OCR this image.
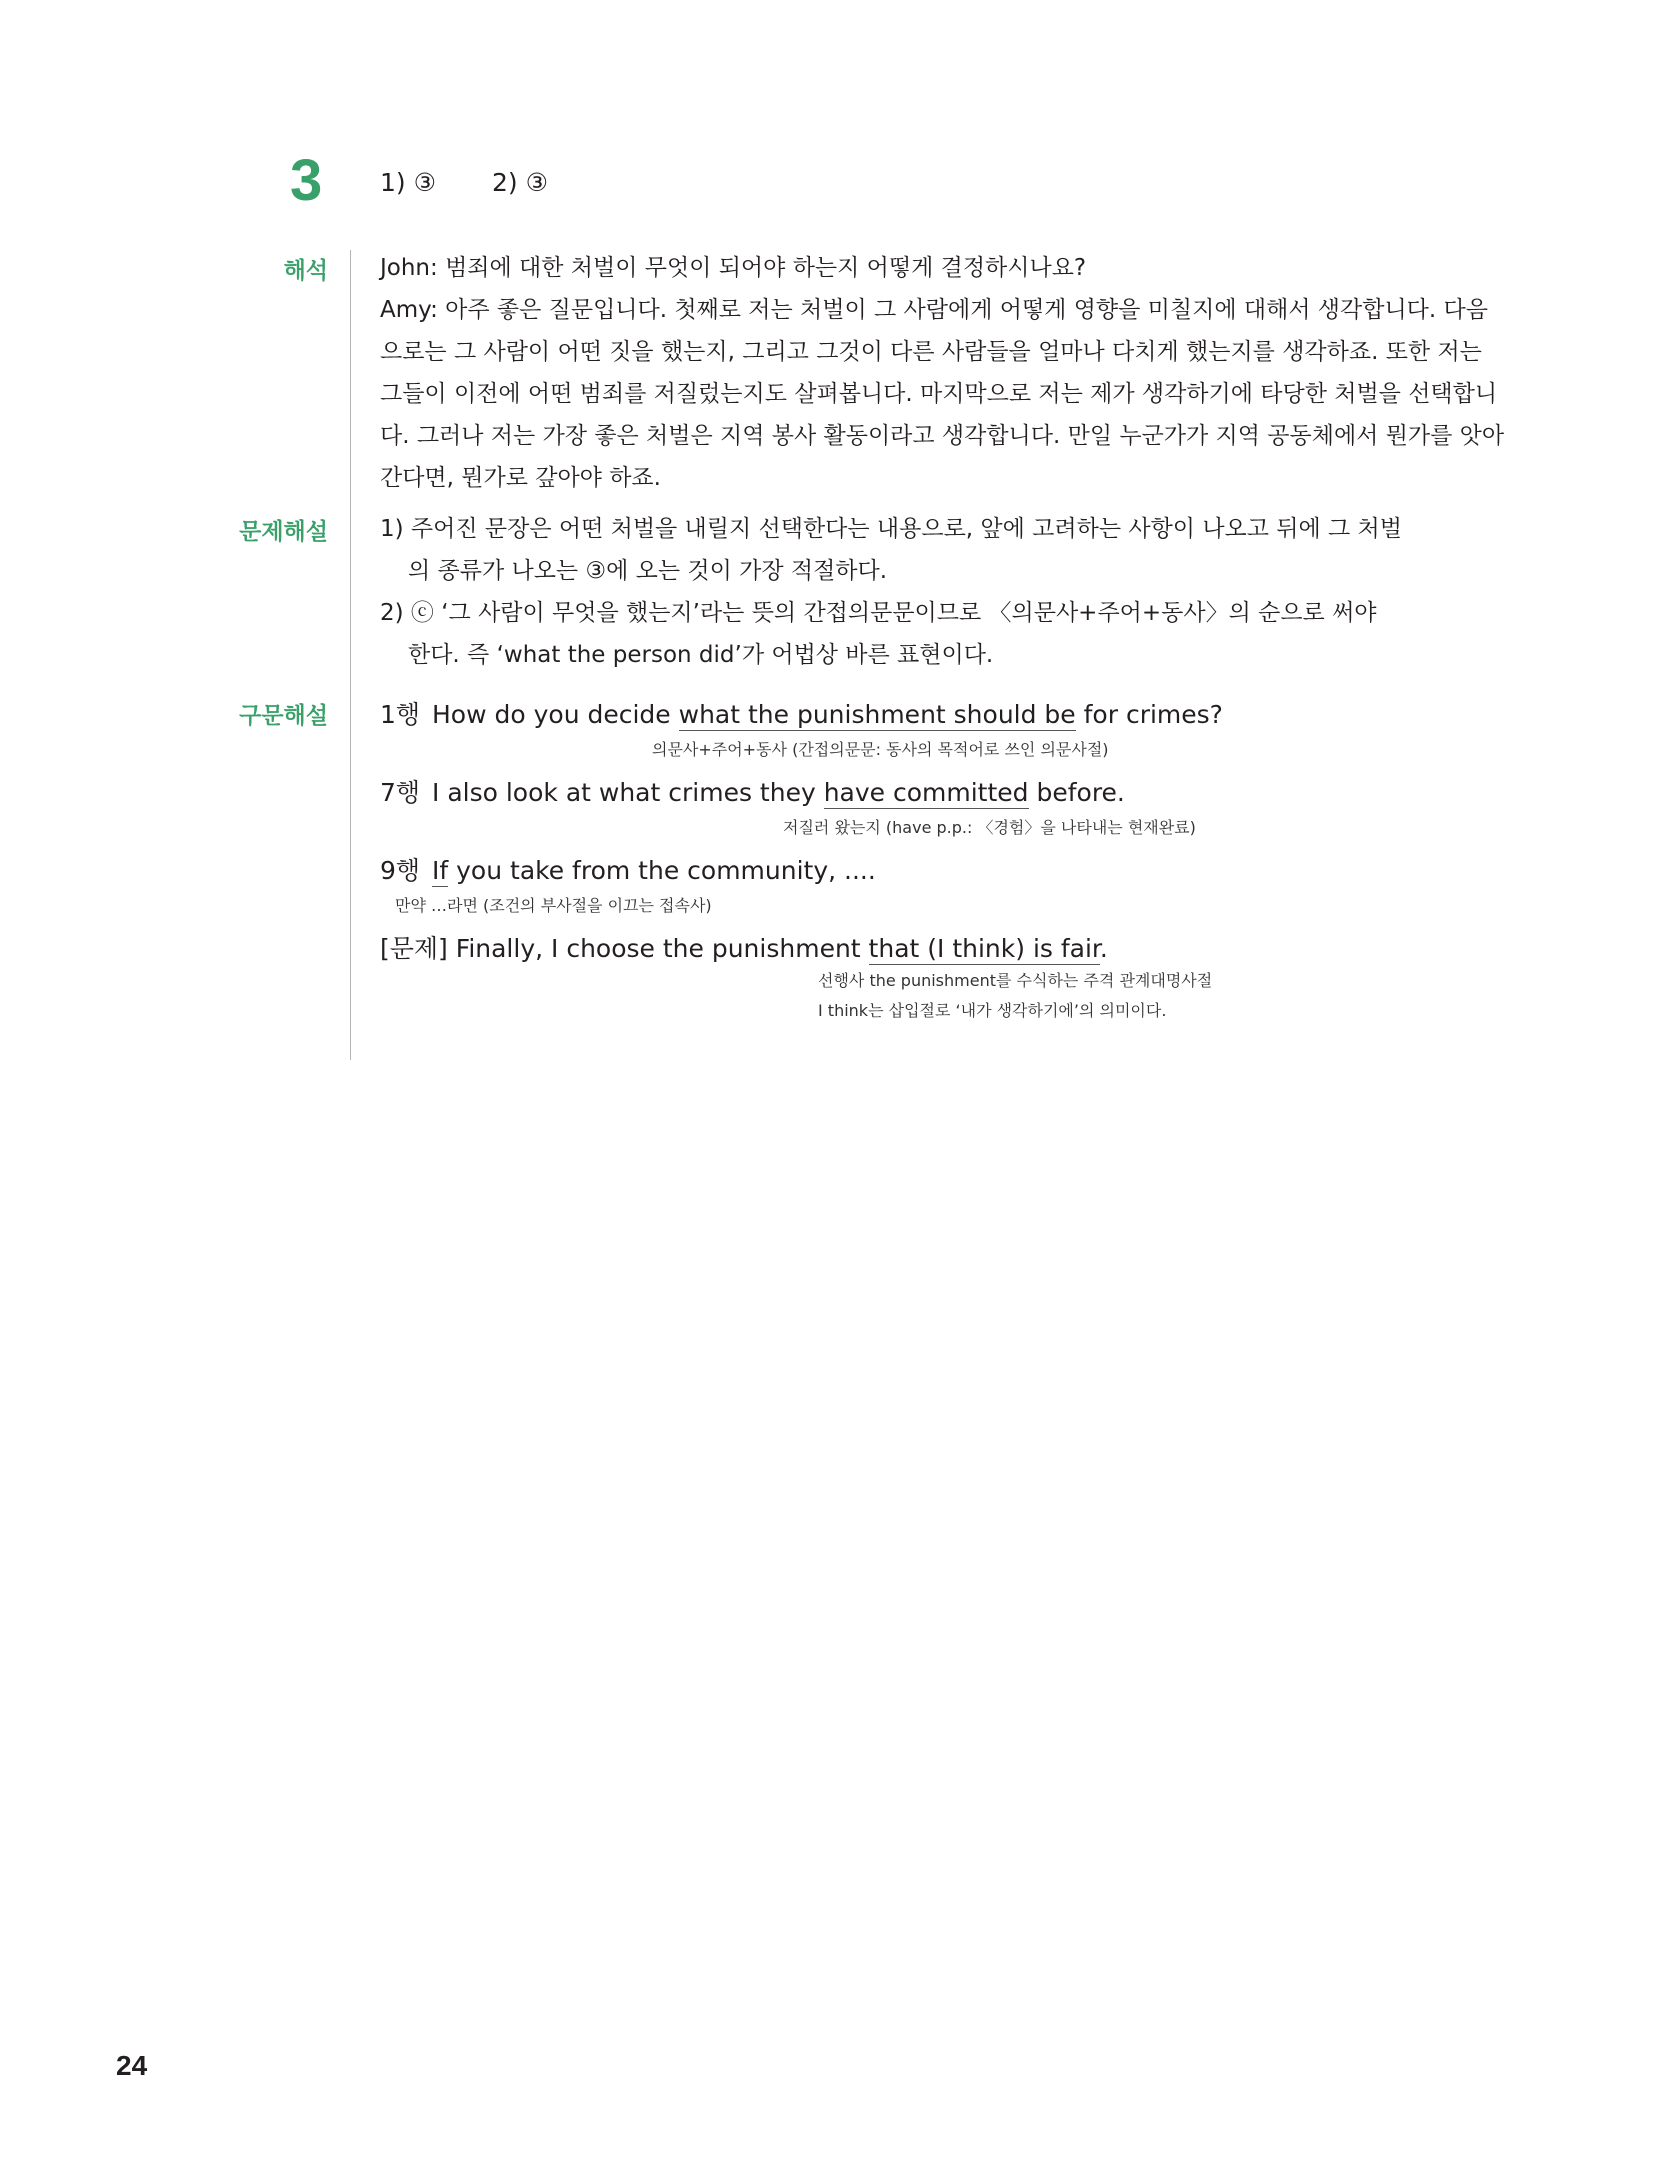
3 1) ③ 2) ③
해석 John: 범죄에 대한 처벌이 무엇이 되어야 하는지 어떻게 결정하시나요?

Amy: 아주 좋은 질문입니다. 첫째로 저는 처벌이 그 사람에게 어떻게 영향을 미칠지에 대해서 생각합니다. 다음

으로는 그 사람이 어떤 짓을 했는지, 그리고 그것이 다른 사람들을 얼마나 다치게 했는지를 생각하죠. 또한 저는

그들이 이전에 어떤 범죄를 저질렀는지도 살펴봅니다. 마지막으로 저는 제가 생각하기에 타당한 처벌을 선택합니

다. 그러나 저는 가장 좋은 처벌은 지역 봉사 활동이라고 생각합니다. 만일 누군가가 지역 공동체에서 뭔가를 앗아

간다면, 뭔가로 갚아야 하죠.

문제해설 1) 주어진 문장은 어떤 처벌을 내릴지 선택한다는 내용으로, 앞에 고려하는 사항이 나오고 뒤에 그 처벌의 종류가 나오는 ③에 오는 것이 가장 적절하다.

2) ⓒ ‘그 사람이 무엇을 했는지’라는 뜻의 간접의문문이므로 〈의문사+주어+동사〉의 순으로 써야 한다. 즉 ‘what the person did’가 어법상 바른 표현이다.

구문해설 1행 How do you decide what the punishment should be for crimes?
의문사+주어+동사 (간접의문문: 동사의 목적어로 쓰인 의문사절)
7행 I also look at what crimes they have committed before.
저질러 왔는지 (have p.p.: 〈경험〉을 나타내는 현재완료)
9행 If you take from the community, ....
만약 …라면 (조건의 부사절을 이끄는 접속사)
[문제] Finally, I choose the punishment that (I think) is fair.
선행사 the punishment를 수식하는 주격 관계대명사절
I think는 삽입절로 ‘내가 생각하기에’의 의미이다.
24
